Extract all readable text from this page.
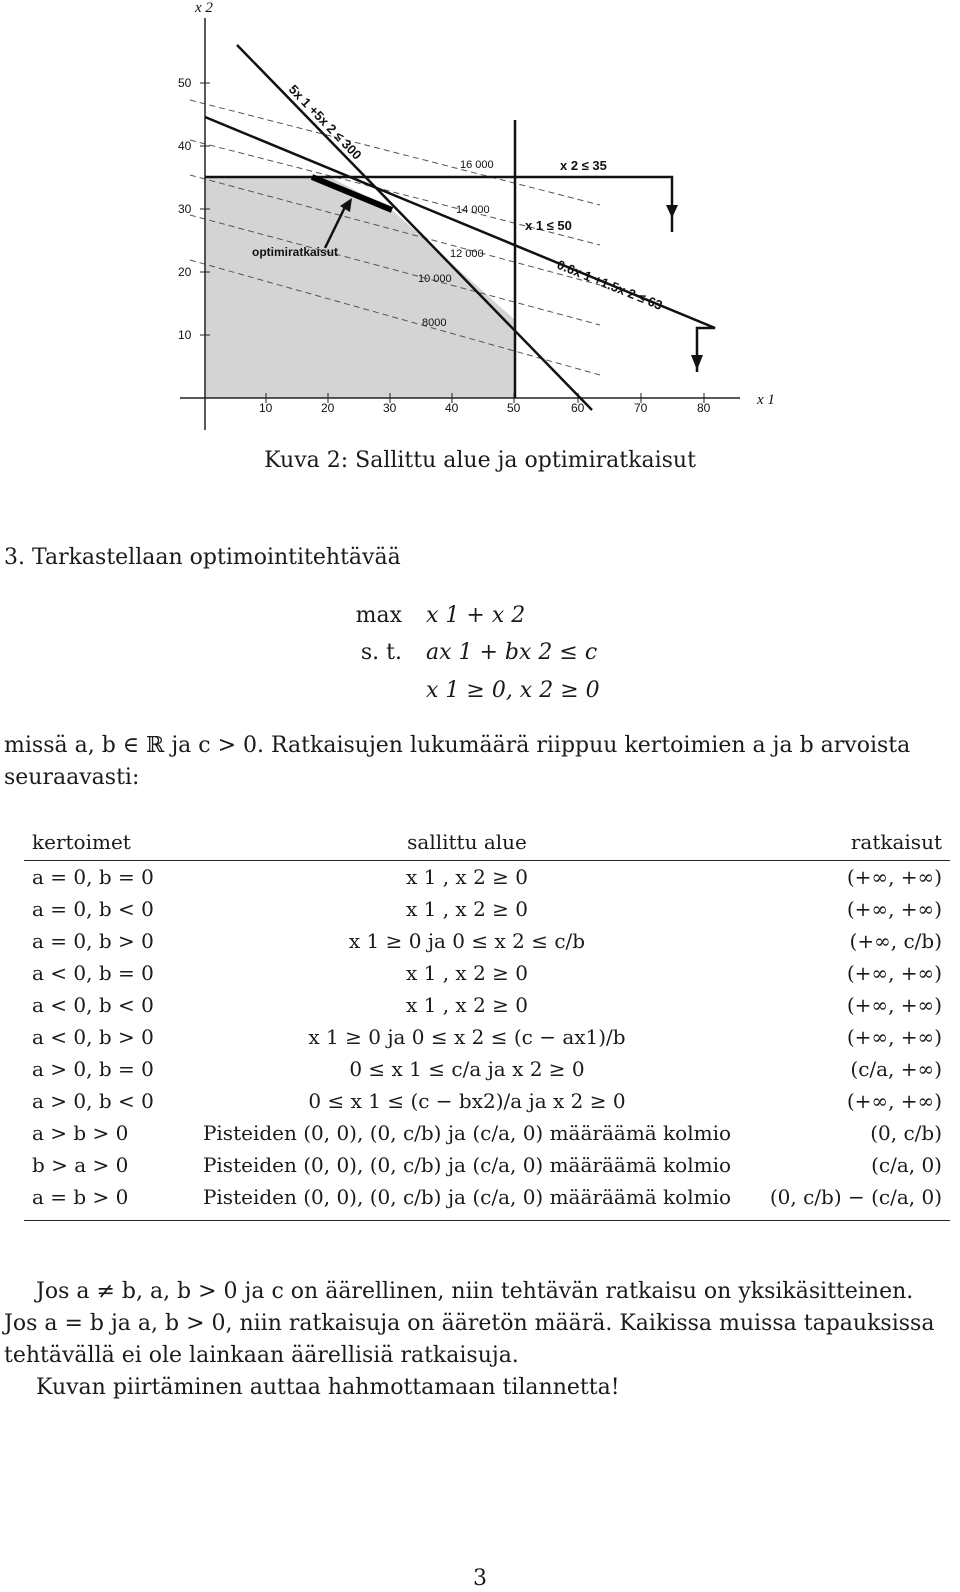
x 2
x 1
10
20
30
40
50
10	20	30	40	50	60	70	80
5x 1 +5x 2 ≤ 300
x 2 ≤ 35
x 1 ≤ 50
0.6x 1 +1.5x 2 ≤ 63
optimiratkaisut
16 000
14 000
12 000
10 000
8000
Kuva 2: Sallittu alue ja optimiratkaisut
3. Tarkastellaan optimointitehtävää
max x 1 + x 2
s. t. ax 1 + bx 2 ≤ c
x 1 ≥ 0, x 2 ≥ 0
missä a, b ∈ ℝ ja c > 0. Ratkaisujen lukumäärä riippuu kertoimien a ja b arvoista seuraavasti:
kertoimet	sallittu alue	ratkaisut
a = 0, b = 0	x 1 , x 2 ≥ 0	(+∞, +∞)
a = 0, b < 0	x 1 , x 2 ≥ 0	(+∞, +∞)
a = 0, b > 0	x 1 ≥ 0 ja 0 ≤ x 2 ≤ c/b	(+∞, c/b)
a < 0, b = 0	x 1 , x 2 ≥ 0	(+∞, +∞)
a < 0, b < 0	x 1 , x 2 ≥ 0	(+∞, +∞)
a < 0, b > 0	x 1 ≥ 0 ja 0 ≤ x 2 ≤ (c − ax1)/b	(+∞, +∞)
a > 0, b = 0	0 ≤ x 1 ≤ c/a ja x 2 ≥ 0	(c/a, +∞)
a > 0, b < 0	0 ≤ x 1 ≤ (c − bx2)/a ja x 2 ≥ 0	(+∞, +∞)
a > b > 0	Pisteiden (0, 0), (0, c/b) ja (c/a, 0) määräämä kolmio	(0, c/b)
b > a > 0	Pisteiden (0, 0), (0, c/b) ja (c/a, 0) määräämä kolmio	(c/a, 0)
a = b > 0	Pisteiden (0, 0), (0, c/b) ja (c/a, 0) määräämä kolmio	(0, c/b) − (c/a, 0)

Jos a ≠ b, a, b > 0 ja c on äärellinen, niin tehtävän ratkaisu on yksikäsitteinen. Jos a = b ja a, b > 0, niin ratkaisuja on ääretön määrä. Kaikissa muissa tapauksissa tehtävällä ei ole lainkaan äärellisiä ratkaisuja.

Kuvan piirtäminen auttaa hahmottamaan tilannetta!

3
